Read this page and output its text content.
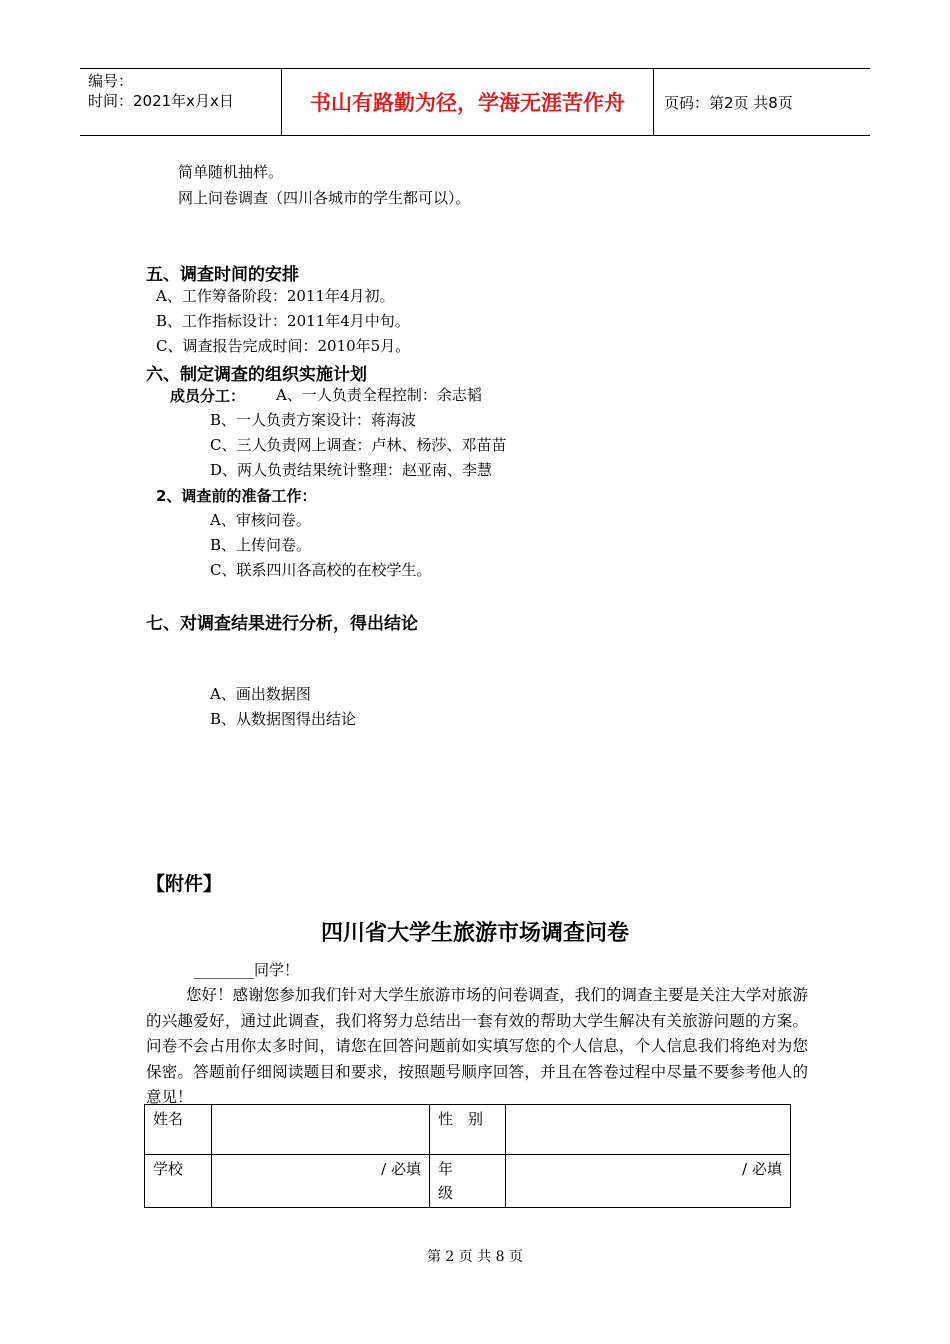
编号：
时间：2021年x月x日	书山有路勤为径，学海无涯苦作舟	页码：第2页 共8页
简单随机抽样。
网上问卷调查（四川各城市的学生都可以）。
五、调查时间的安排
A、工作筹备阶段：2011年4月初。
B、工作指标设计：2011年4月中旬。
C、调查报告完成时间：2010年5月。
六、制定调查的组织实施计划
成员分工： A、一人负责全程控制：余志韬
B、一人负责方案设计：蒋海波
C、三人负责网上调查：卢林、杨莎、邓苗苗
D、两人负责结果统计整理：赵亚南、李慧
2、调查前的准备工作：
A、审核问卷。
B、上传问卷。
C、联系四川各高校的在校学生。
七、对调查结果进行分析，得出结论
A、画出数据图
B、从数据图得出结论
【附件】
四川省大学生旅游市场调查问卷
________同学！
您好！感谢您参加我们针对大学生旅游市场的问卷调查，我们的调查主要是关注大学对旅游的兴趣爱好，通过此调查，我们将努力总结出一套有效的帮助大学生解决有关旅游问题的方案。问卷不会占用你太多时间，请您在回答问题前如实填写您的个人信息，个人信息我们将绝对为您保密。答题前仔细阅读题目和要求，按照题号顺序回答，并且在答卷过程中尽量不要参考他人的意见！
姓名		性　别	
学校	/ 必填	年　　级	/ 必填
第 2 页 共 8 页
